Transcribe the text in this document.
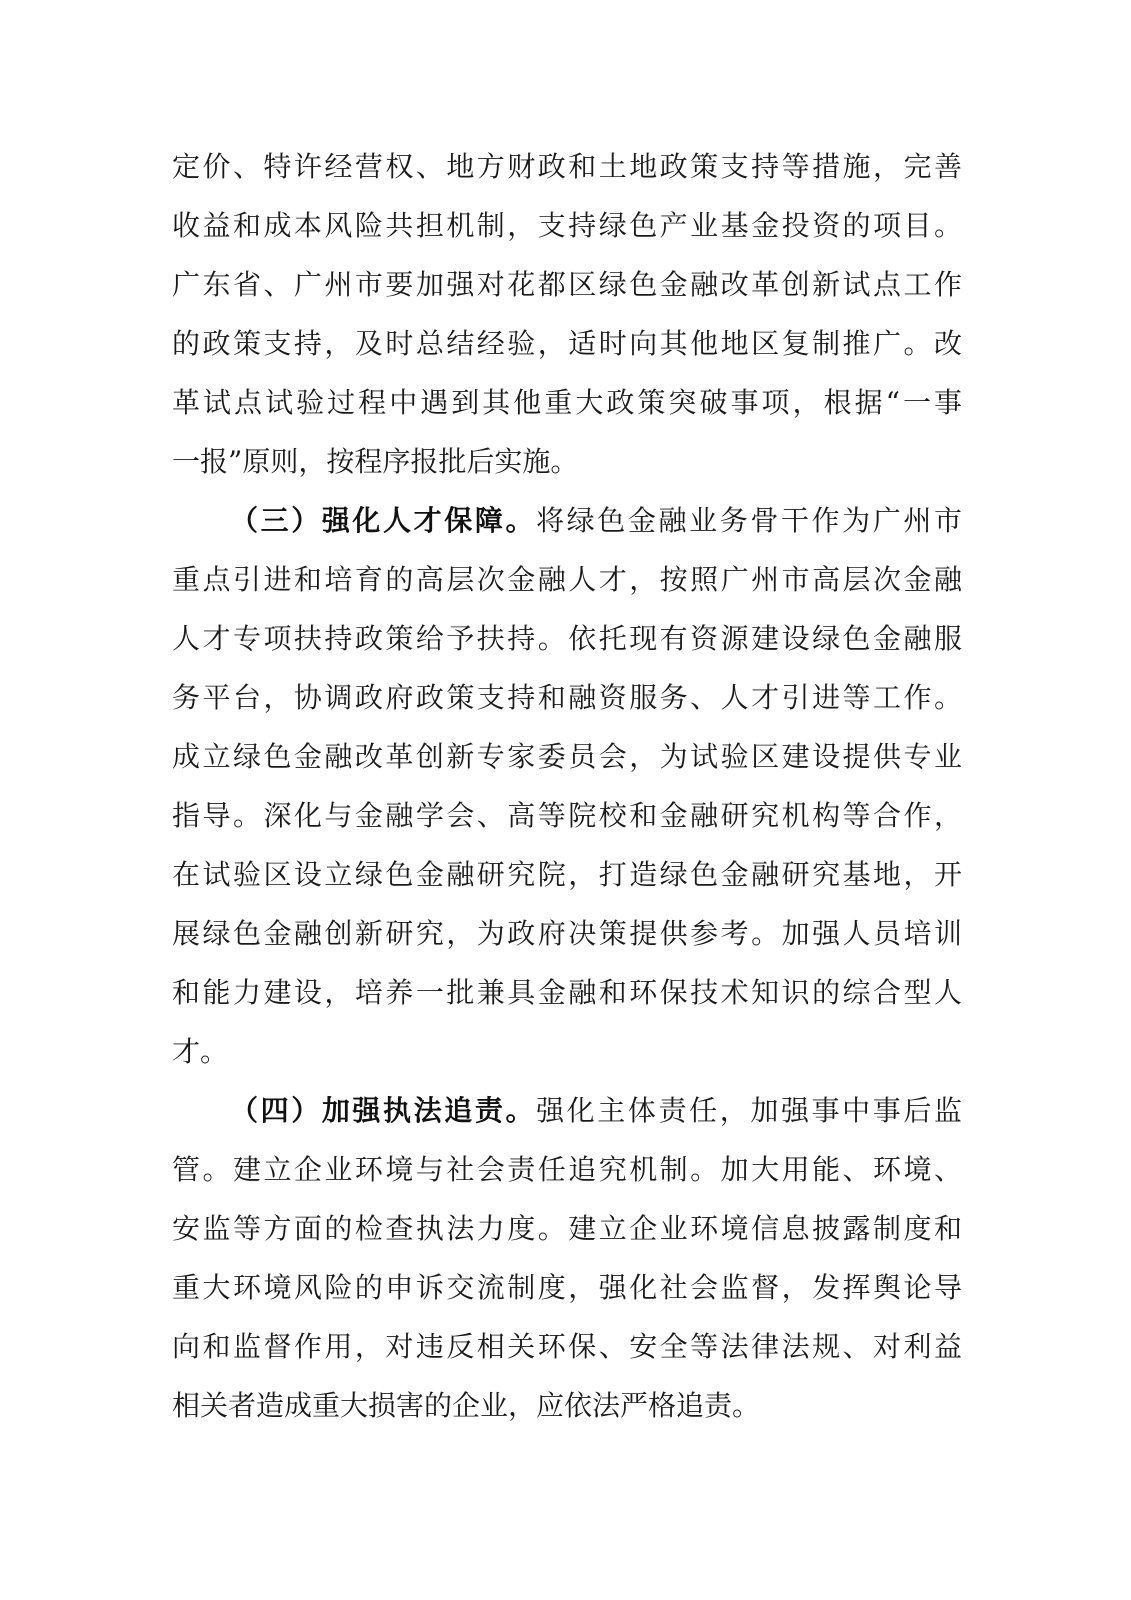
定价、特许经营权、地方财政和土地政策支持等措施，完善
收益和成本风险共担机制，支持绿色产业基金投资的项目。
广东省、广州市要加强对花都区绿色金融改革创新试点工作
的政策支持，及时总结经验，适时向其他地区复制推广。改
革试点试验过程中遇到其他重大政策突破事项，根据“一事
一报”原则，按程序报批后实施。
（三）强化人才保障。将绿色金融业务骨干作为广州市
重点引进和培育的高层次金融人才，按照广州市高层次金融
人才专项扶持政策给予扶持。依托现有资源建设绿色金融服
务平台，协调政府政策支持和融资服务、人才引进等工作。
成立绿色金融改革创新专家委员会，为试验区建设提供专业
指导。深化与金融学会、高等院校和金融研究机构等合作，
在试验区设立绿色金融研究院，打造绿色金融研究基地，开
展绿色金融创新研究，为政府决策提供参考。加强人员培训
和能力建设，培养一批兼具金融和环保技术知识的综合型人
才。
（四）加强执法追责。强化主体责任，加强事中事后监
管。建立企业环境与社会责任追究机制。加大用能、环境、
安监等方面的检查执法力度。建立企业环境信息披露制度和
重大环境风险的申诉交流制度，强化社会监督，发挥舆论导
向和监督作用，对违反相关环保、安全等法律法规、对利益
相关者造成重大损害的企业，应依法严格追责。
